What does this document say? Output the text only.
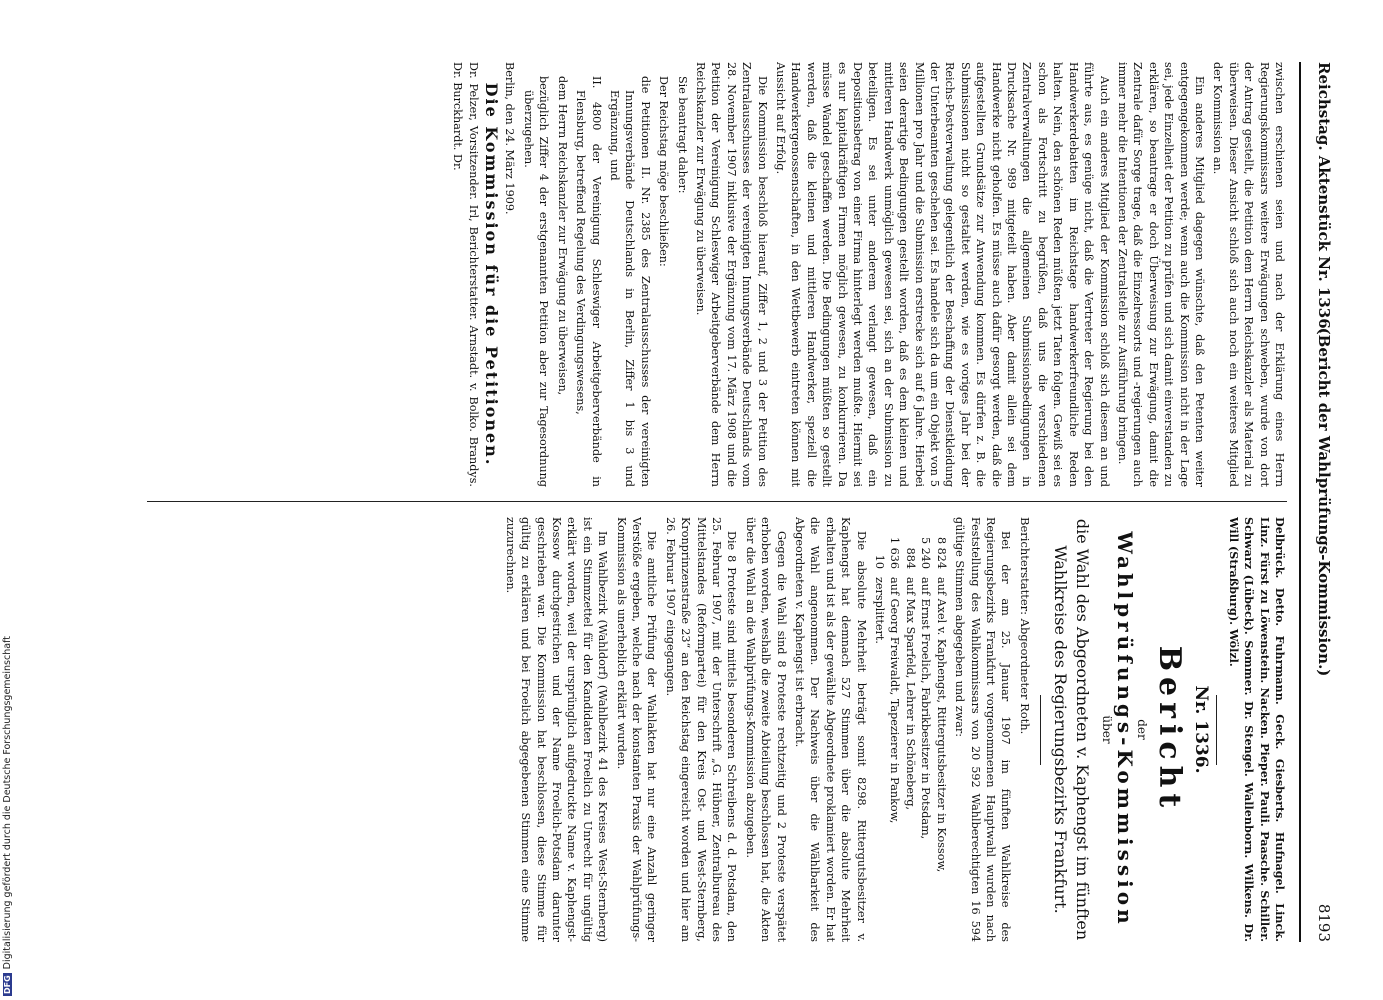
DFGDigitalisierung gefördert durch die Deutsche Forschungsgemeinschaft
Reichstag. Aktenstück Nr. 1336.
(Bericht der Wahlprüfungs-Kommission.)
8193

zwischen erschienen seien und nach der Erklärung eines Herrn Regierungskommissars weitere Erwägungen schweben, wurde von dort der Antrag gestellt, die Petition dem Herrn Reichskanzler als Material zu überweisen. Dieser Ansicht schloß sich auch noch ein weiteres Mitglied der Kommission an.

Ein anderes Mitglied dagegen wünschte, daß den Petenten weiter entgegengekommen werde; wenn auch die Kommission nicht in der Lage sei, jede Einzelheit der Petition zu prüfen und sich damit einverstanden zu erklären, so beantrage er doch Überweisung zur Erwägung, damit die Zentrale dafür Sorge trage, daß die Einzelressorts und -regierungen auch immer mehr die Intentionen der Zentralstelle zur Ausführung bringen.

Auch ein anderes Mitglied der Kommission schloß sich diesem an und führte aus, es genüge nicht, daß die Vertreter der Regierung bei den Handwerkerdebatten im Reichstage handwerkerfreundliche Reden halten. Nein, den schönen Reden müßten jetzt Taten folgen. Gewiß sei es schon als Fortschritt zu begrüßen, daß uns die verschiedenen Zentralverwaltungen die allgemeinen Submissionsbedingungen in Drucksache Nr. 989 mitgeteilt haben. Aber damit allein sei dem Handwerke nicht geholfen. Es müsse auch dafür gesorgt werden, daß die aufgestellten Grundsätze zur Anwendung kommen. Es dürfen z. B. die Submissionen nicht so gestaltet werden, wie es voriges Jahr bei der Reichs-Postverwaltung gelegentlich der Beschaffung der Dienstkleidung der Unterbeamten geschehen sei. Es handele sich da um ein Objekt von 5 Millionen pro Jahr und die Submission erstrecke sich auf 6 Jahre. Hierbei seien derartige Bedingungen gestellt worden, daß es dem kleinen und mittleren Handwerk unmöglich gewesen sei, sich an der Submission zu beteiligen. Es sei unter anderem verlangt gewesen, daß ein Depositionsbetrag von einer Firma hinterlegt werden mußte. Hiermit sei es nur kapitalkräftigen Firmen möglich gewesen, zu konkurrieren. Da müsse Wandel geschaffen werden. Die Bedingungen müßten so gestellt werden, daß die kleinen und mittleren Handwerker, speziell die Handwerkergenossenschaften, in den Wettbewerb eintreten können mit Aussicht auf Erfolg.

Die Kommission beschloß hierauf, Ziffer 1, 2 und 3 der Petition des Zentralausschusses der vereinigten Innungsverbände Deutschlands vom 28. November 1907 inklusive der Ergänzung vom 17. März 1908 und die Petition der Vereinigung Schleswiger Arbeitgeberverbände dem Herrn Reichskanzler zur Erwägung zu überweisen.

Sie beantragt daher:

Der Reichstag möge beschließen:

die Petitionen II. Nr. 2385 des Zentralausschusses der vereinigten Innungsverbände Deutschlands in Berlin, Ziffer 1 bis 3 und Ergänzung, und

II. 4800 der Vereinigung Schleswiger Arbeitgeberverbände in Flensburg, betreffend Regelung des Verdingungswesens,

dem Herrn Reichskanzler zur Erwägung zu überweisen,

bezüglich Ziffer 4 der erstgenannten Petition aber zur Tagesordnung überzugehen.

Berlin, den 24. März 1909.

Die Kommission für die Petitionen.

Dr. Pelzer, Vorsitzender. Irl, Berichterstatter. Arnstadt. v. Bolko. Brandys. Dr. Burckhardt. Dr.

Delbrück. Detto. Fuhrmann. Geck. Giesberts. Hufnagel. Linck. Linz. Fürst zu Löwenstein. Nacken. Pieper. Pauli. Paasche. Schiller. Schwarz (Lübeck). Sommer. Dr. Stengel. Wallenborn. Wilkens. Dr. Will (Straßburg). Wölzl.

Nr. 1336.

Bericht
der
Wahlprüfungs-Kommission
über
die Wahl des Abgeordneten v. Kaphengst im fünften Wahlkreise des Regierungsbezirks Frankfurt.

Berichterstatter: Abgeordneter Roth.

Bei der am 25. Januar 1907 im fünften Wahlkreise des Regierungsbezirks Frankfurt vorgenommenen Hauptwahl wurden nach Feststellung des Wahlkommissars von 20 592 Wahlberechtigten 16 594 gültige Stimmen abgegeben und zwar:

8 824
auf Axel v. Kaphengst, Rittergutsbesitzer in Kossow,
5 240
auf Ernst Froelich, Fabrikbesitzer in Potsdam,
884
auf Max Sparfeld, Lehrer in Schöneberg,
1 636
auf Georg Freiwaldt, Tapezierer in Pankow,
10
zersplittert.

Die absolute Mehrheit beträgt somit 8298. Rittergutsbesitzer v. Kaphengst hat demnach 527 Stimmen über die absolute Mehrheit erhalten und ist als der gewählte Abgeordnete proklamiert worden. Er hat die Wahl angenommen. Der Nachweis über die Wählbarkeit des Abgeordneten v. Kaphengst ist erbracht.

Gegen die Wahl sind 8 Proteste rechtzeitig und 2 Proteste verspätet erhoben worden, weshalb die zweite Abteilung beschlossen hat, die Akten über die Wahl an die Wahlprüfungs-Kommission abzugeben.

Die 8 Proteste sind mittels besonderen Schreibens d. d. Potsdam, den 25. Februar 1907, mit der Unterschrift „G. Hübner, Zentralbureau des Mittelstandes (Reformpartei) für den Kreis Ost- und West-Sternberg, Kronprinzenstraße 23“ an den Reichstag eingereicht worden und hier am 26. Februar 1907 eingegangen.

Die amtliche Prüfung der Wahlakten hat nur eine Anzahl geringer Verstöße ergeben, welche nach der konstanten Praxis der Wahlprüfungs-Kommission als unerheblich erklärt wurden.

Im Wahlbezirk (Wahldorf) (Wahlbezirk 41 des Kreises West-Sternberg) ist ein Stimmzettel für den Kandidaten Froelich zu Unrecht für ungültig erklärt worden, weil der ursprünglich aufgedruckte Name v. Kaphengst-Kossow durchgestrichen und der Name Froelich-Potsdam darunter geschrieben war. Die Kommission hat beschlossen, diese Stimme für gültig zu erklären und bei Froelich abgegebenen Stimmen eine Stimme zuzurechnen.
